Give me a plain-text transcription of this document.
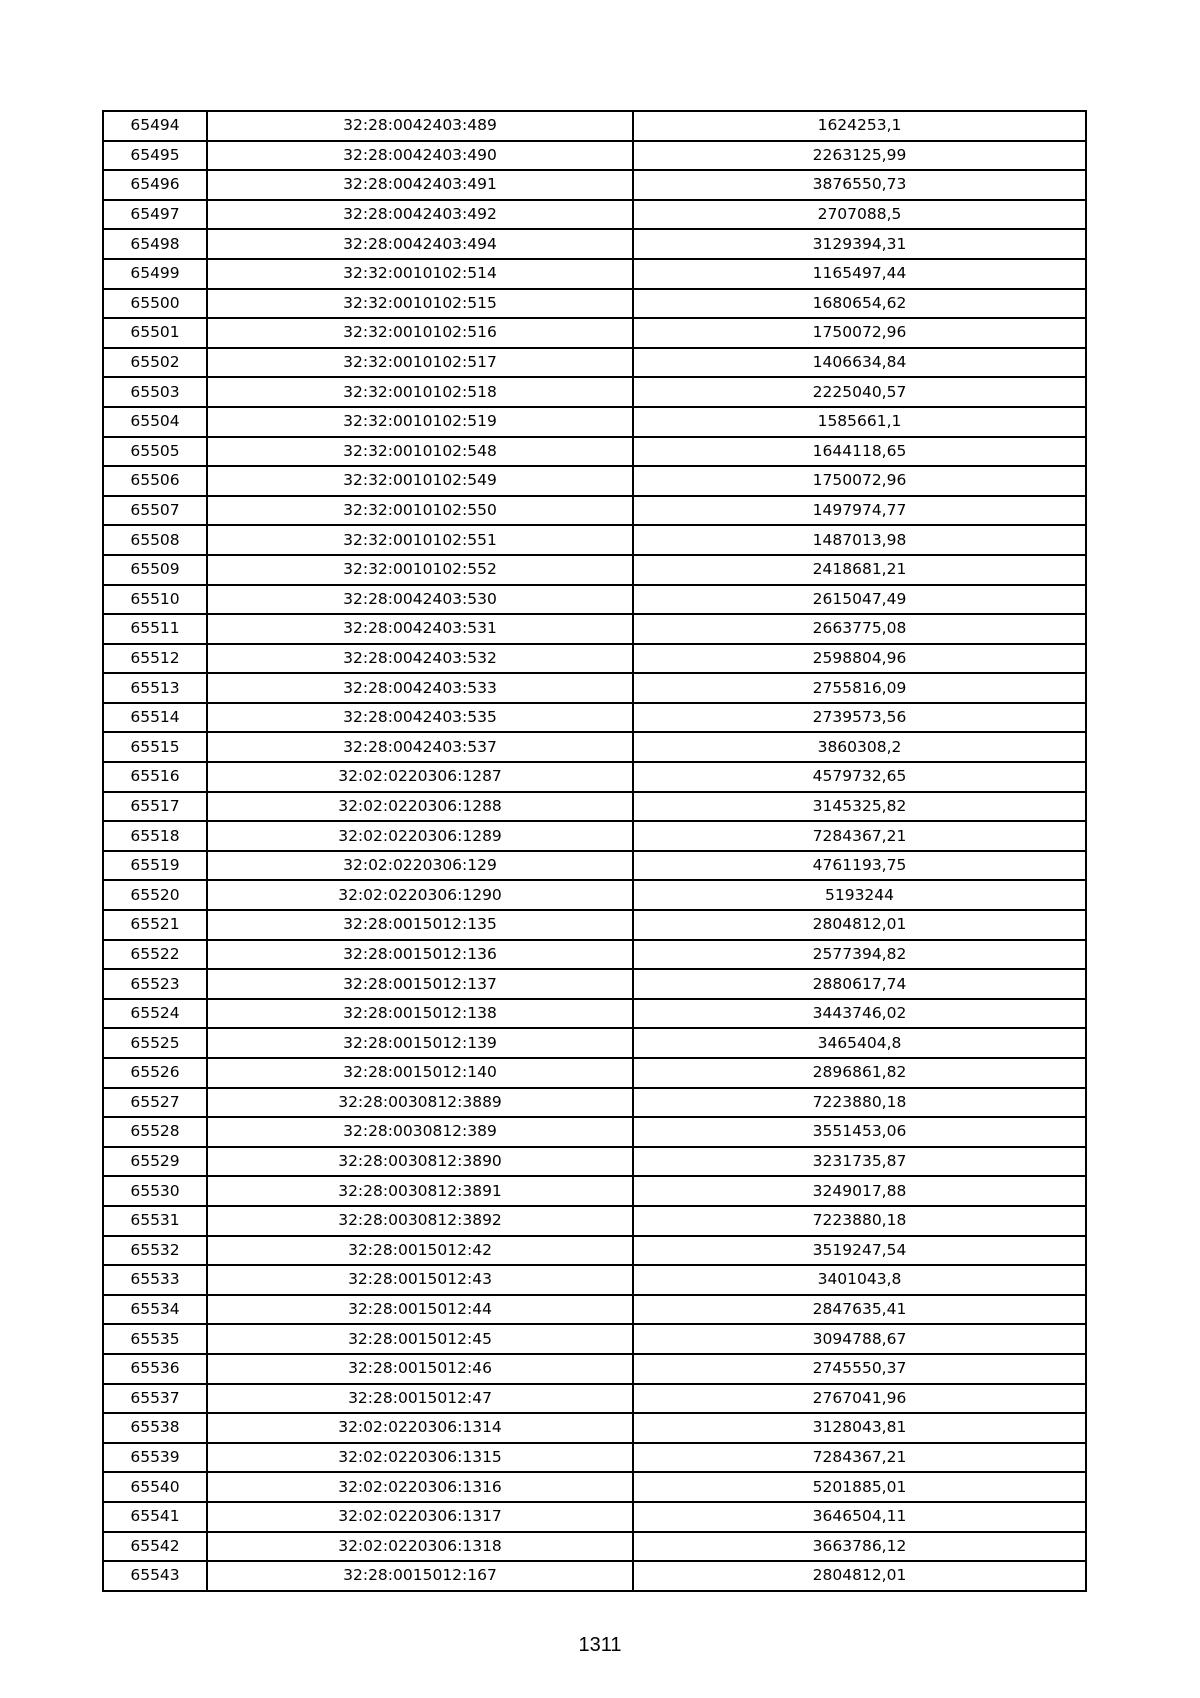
65494	32:28:0042403:489	1624253,1
65495	32:28:0042403:490	2263125,99
65496	32:28:0042403:491	3876550,73
65497	32:28:0042403:492	2707088,5
65498	32:28:0042403:494	3129394,31
65499	32:32:0010102:514	1165497,44
65500	32:32:0010102:515	1680654,62
65501	32:32:0010102:516	1750072,96
65502	32:32:0010102:517	1406634,84
65503	32:32:0010102:518	2225040,57
65504	32:32:0010102:519	1585661,1
65505	32:32:0010102:548	1644118,65
65506	32:32:0010102:549	1750072,96
65507	32:32:0010102:550	1497974,77
65508	32:32:0010102:551	1487013,98
65509	32:32:0010102:552	2418681,21
65510	32:28:0042403:530	2615047,49
65511	32:28:0042403:531	2663775,08
65512	32:28:0042403:532	2598804,96
65513	32:28:0042403:533	2755816,09
65514	32:28:0042403:535	2739573,56
65515	32:28:0042403:537	3860308,2
65516	32:02:0220306:1287	4579732,65
65517	32:02:0220306:1288	3145325,82
65518	32:02:0220306:1289	7284367,21
65519	32:02:0220306:129	4761193,75
65520	32:02:0220306:1290	5193244
65521	32:28:0015012:135	2804812,01
65522	32:28:0015012:136	2577394,82
65523	32:28:0015012:137	2880617,74
65524	32:28:0015012:138	3443746,02
65525	32:28:0015012:139	3465404,8
65526	32:28:0015012:140	2896861,82
65527	32:28:0030812:3889	7223880,18
65528	32:28:0030812:389	3551453,06
65529	32:28:0030812:3890	3231735,87
65530	32:28:0030812:3891	3249017,88
65531	32:28:0030812:3892	7223880,18
65532	32:28:0015012:42	3519247,54
65533	32:28:0015012:43	3401043,8
65534	32:28:0015012:44	2847635,41
65535	32:28:0015012:45	3094788,67
65536	32:28:0015012:46	2745550,37
65537	32:28:0015012:47	2767041,96
65538	32:02:0220306:1314	3128043,81
65539	32:02:0220306:1315	7284367,21
65540	32:02:0220306:1316	5201885,01
65541	32:02:0220306:1317	3646504,11
65542	32:02:0220306:1318	3663786,12
65543	32:28:0015012:167	2804812,01
1311
